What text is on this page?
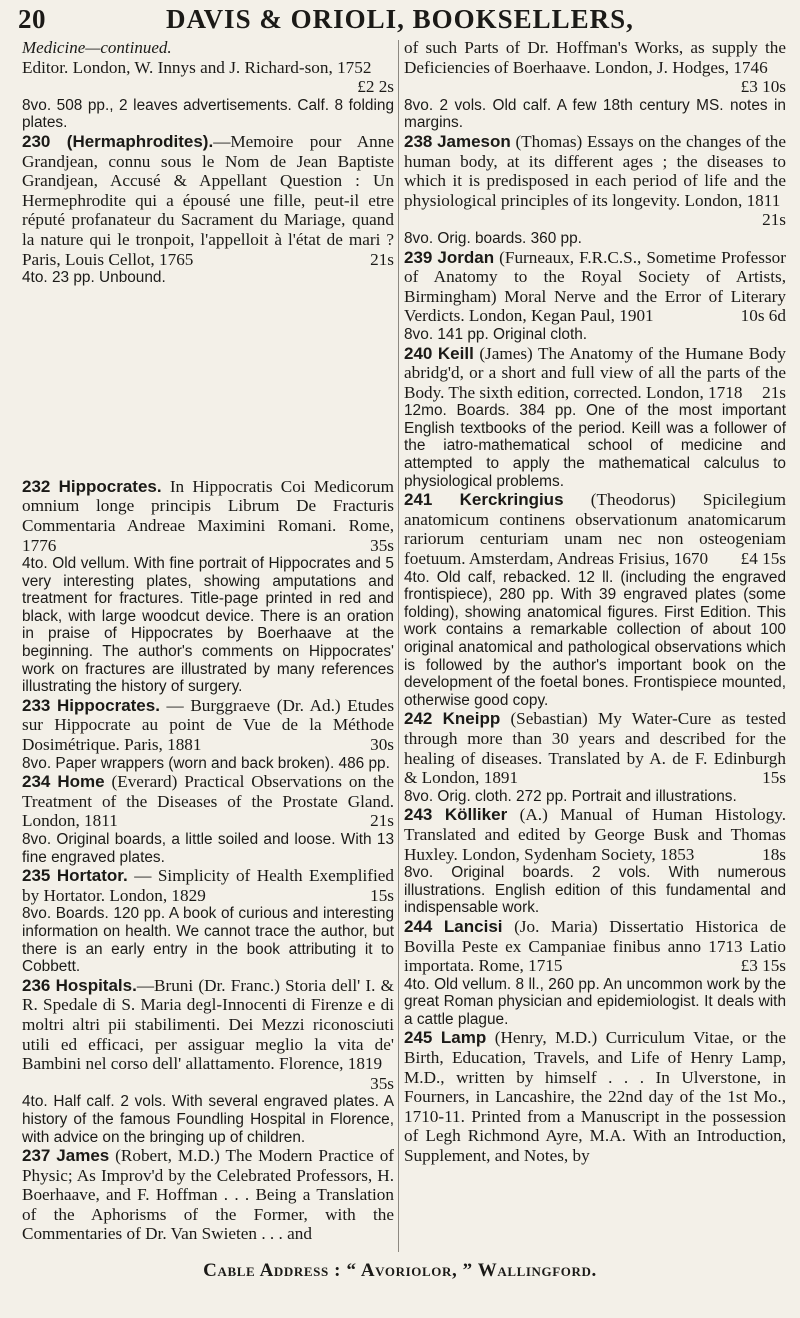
20	DAVIS & ORIOLI, BOOKSELLERS,
Medicine—continued.

Editor. London, W. Innys and J. Richard-son, 1752
£2 2s

8vo. 508 pp., 2 leaves advertisements. Calf. 8 folding plates.

230 (Hermaphrodites).—Memoire pour Anne Grandjean, connu sous le Nom de Jean Baptiste Grandjean, Accusé & Appellant Question : Un Hermephrodite qui a épousé une fille, peut-il etre réputé profanateur du Sacrament du Mariage, quand la nature qui le tronpoit, l'appelloit à l'état de mari ? Paris, Louis Cellot, 1765	21s

4to. 23 pp. Unbound.

232 Hippocrates. In Hippocratis Coi Medicorum omnium longe principis Librum De Fracturis Commentaria Andreae Maximini Romani. Rome, 1776	35s

4to. Old vellum. With fine portrait of Hippocrates and 5 very interesting plates, showing amputations and treatment for fractures. Title-page printed in red and black, with large woodcut device. There is an oration in praise of Hippocrates by Boerhaave at the beginning. The author's comments on Hippocrates' work on fractures are illustrated by many references illustrating the history of surgery.

233 Hippocrates. — Burggraeve (Dr. Ad.) Etudes sur Hippocrate au point de Vue de la Méthode Dosimétrique. Paris, 1881	30s

8vo. Paper wrappers (worn and back broken). 486 pp.

234 Home (Everard) Practical Observations on the Treatment of the Diseases of the Prostate Gland. London, 1811	21s

8vo. Original boards, a little soiled and loose. With 13 fine engraved plates.

235 Hortator. — Simplicity of Health Exemplified by Hortator. London, 1829	15s

8vo. Boards. 120 pp. A book of curious and interesting information on health. We cannot trace the author, but there is an early entry in the book attributing it to Cobbett.

236 Hospitals.—Bruni (Dr. Franc.) Storia dell' I. & R. Spedale di S. Maria degl-Innocenti di Firenze e di moltri altri pii stabilimenti. Dei Mezzi riconosciuti utili ed efficaci, per assiguar meglio la vita de' Bambini nel corso dell' allattamento. Florence, 1819
35s

4to. Half calf. 2 vols. With several engraved plates. A history of the famous Foundling Hospital in Florence, with advice on the bringing up of children.

237 James (Robert, M.D.) The Modern Practice of Physic; As Improv'd by the Celebrated Professors, H. Boerhaave, and F. Hoffman . . . Being a Translation of the Aphorisms of the Former, with the Commentaries of Dr. Van Swieten . . . and

of such Parts of Dr. Hoffman's Works, as supply the Deficiencies of Boerhaave. London, J. Hodges, 1746
£3 10s

8vo. 2 vols. Old calf. A few 18th century MS. notes in margins.

238 Jameson (Thomas) Essays on the changes of the human body, at its different ages ; the diseases to which it is predisposed in each period of life and the physiological principles of its longevity. London, 1811
21s

8vo. Orig. boards. 360 pp.

239 Jordan (Furneaux, F.R.C.S., Sometime Professor of Anatomy to the Royal Society of Artists, Birmingham) Moral Nerve and the Error of Literary Verdicts. London, Kegan Paul, 1901	10s 6d

8vo. 141 pp. Original cloth.

240 Keill (James) The Anatomy of the Humane Body abridg'd, or a short and full view of all the parts of the Body. The sixth edition, corrected. London, 1718 21s

12mo. Boards. 384 pp. One of the most important English textbooks of the period. Keill was a follower of the iatro-mathematical school of medicine and attempted to apply the mathematical calculus to physiological problems.

241 Kerckringius (Theodorus) Spicilegium anatomicum continens observationum anatomicarum rariorum centuriam unam nec non osteogeniam foetuum. Amsterdam, Andreas Frisius, 1670 £4 15s

4to. Old calf, rebacked. 12 ll. (including the engraved frontispiece), 280 pp. With 39 engraved plates (some folding), showing anatomical figures. First Edition. This work contains a remarkable collection of about 100 original anatomical and pathological observations which is followed by the author's important book on the development of the foetal bones. Frontispiece mounted, otherwise good copy.

242 Kneipp (Sebastian) My Water-Cure as tested through more than 30 years and described for the healing of diseases. Translated by A. de F. Edinburgh & London, 1891	15s

8vo. Orig. cloth. 272 pp. Portrait and illustrations.

243 Kölliker (A.) Manual of Human Histology. Translated and edited by George Busk and Thomas Huxley. London, Sydenham Society, 1853	18s

8vo. Original boards. 2 vols. With numerous illustrations. English edition of this fundamental and indispensable work.

244 Lancisi (Jo. Maria) Dissertatio Historica de Bovilla Peste ex Campaniae finibus anno 1713 Latio importata. Rome, 1715	£3 15s

4to. Old vellum. 8 ll., 260 pp. An uncommon work by the great Roman physician and epidemiologist. It deals with a cattle plague.

245 Lamp (Henry, M.D.) Curriculum Vitae, or the Birth, Education, Travels, and Life of Henry Lamp, M.D., written by himself . . . In Ulverstone, in Fourners, in Lancashire, the 22nd day of the 1st Mo., 1710-11. Printed from a Manuscript in the possession of Legh Richmond Ayre, M.A. With an Introduction, Supplement, and Notes, by

Cable Address : “ Avoriolor, ” Wallingford.
